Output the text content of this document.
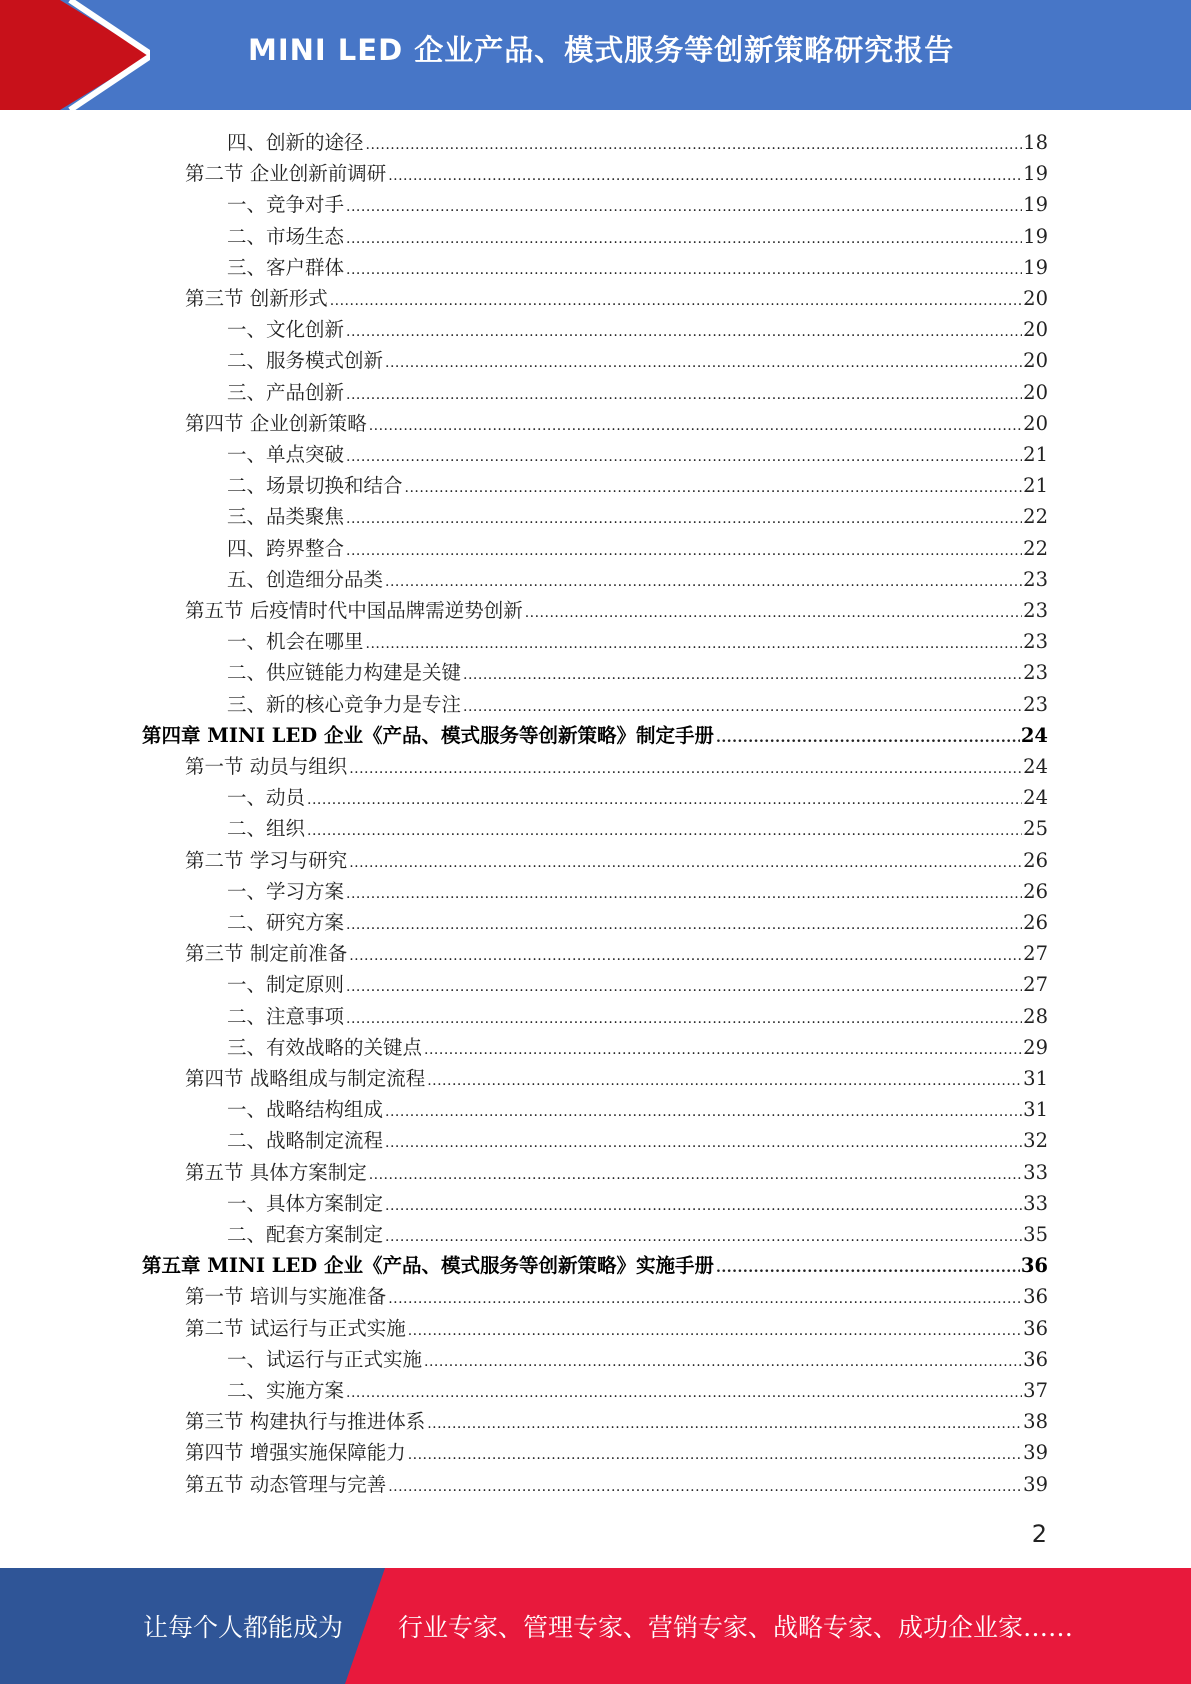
MINI LED 企业产品、模式服务等创新策略研究报告
四、创新的途径 .....	18
第二节 企业创新前调研 .....	19
一、竞争对手 .....	19
二、市场生态 .....	19
三、客户群体 .....	19
第三节 创新形式 .....	20
一、文化创新 .....	20
二、服务模式创新 .....	20
三、产品创新 .....	20
第四节 企业创新策略 .....	20
一、单点突破 .....	21
二、场景切换和结合 .....	21
三、品类聚焦 .....	22
四、跨界整合 .....	22
五、创造细分品类 .....	23
第五节 后疫情时代中国品牌需逆势创新 .....	23
一、机会在哪里 .....	23
二、供应链能力构建是关键 .....	23
三、新的核心竞争力是专注 .....	23
第四章 MINI LED 企业《产品、模式服务等创新策略》制定手册 .....	24
第一节 动员与组织 .....	24
一、动员 .....	24
二、组织 .....	25
第二节 学习与研究 .....	26
一、学习方案 .....	26
二、研究方案 .....	26
第三节 制定前准备 .....	27
一、制定原则 .....	27
二、注意事项 .....	28
三、有效战略的关键点 .....	29
第四节 战略组成与制定流程 .....	31
一、战略结构组成 .....	31
二、战略制定流程 .....	32
第五节 具体方案制定 .....	33
一、具体方案制定 .....	33
二、配套方案制定 .....	35
第五章 MINI LED 企业《产品、模式服务等创新策略》实施手册 .....	36
第一节 培训与实施准备 .....	36
第二节 试运行与正式实施 .....	36
一、试运行与正式实施 .....	36
二、实施方案 .....	37
第三节 构建执行与推进体系 .....	38
第四节 增强实施保障能力 .....	39
第五节 动态管理与完善 .....	39
2
让每个人都能成为 行业专家、管理专家、营销专家、战略专家、成功企业家……
